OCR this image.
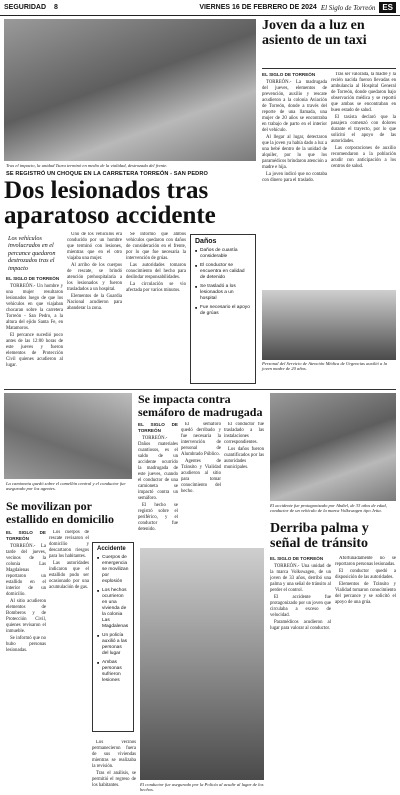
SEGURIDAD 8	VIERNES 16 DE FEBRERO DE 2024 El Siglo de Torreón ES
Tras el impacto, la unidad Tsuru terminó en medio de la vialidad, destrozada del frente.
Joven da a luz en asiento de un taxi
EL SIGLO DE TORREÓN

TORREÓN.- La madrugada del jueves, elementos de prevención, auxilio y rescate acudieron a la colonia Aviación de Torreón, donde a través del reporte de una llamada, una mujer de 20 años se encontraba en trabajo de parto en el interior del vehículo.

Al llegar al lugar, detectaron que la joven ya había dado a luz a una bebé dentro de la unidad de alquiler, por lo que los paramédicos brindaron atención a madre e hija.

La joven indicó que no contaba con dinero para el traslado.

Tras ser valorada, la madre y la recién nacida fueron llevadas en ambulancia al Hospital General de Torreón, donde quedaron bajo observación médica y se reportó que ambas se encontraban en buen estado de salud.

El taxista declaró que la pasajera comenzó con dolores durante el trayecto, por lo que solicitó el apoyo de las autoridades.

Las corporaciones de auxilio recomendaron a la población acudir con anticipación a los centros de salud.

Personal del Servicio de Atención Médica de Urgencias auxilió a la joven madre de 20 años.
SE REGISTRÓ UN CHOQUE EN LA CARRETERA TORREÓN - SAN PEDRO
Dos lesionados tras aparatoso accidente
Los vehículos involucrados en el percance quedaron destrozados tras el impacto
EL SIGLO DE TORREÓN

TORREÓN.- Un hombre y una mujer resultaron lesionados luego de que los vehículos en que viajaban chocaran sobre la carretera Torreón - San Pedro, a la altura del ejido Santa Fe, en Matamoros.

El percance sucedió poco antes de las 12:00 horas de este jueves y fueron elementos de Protección Civil quienes acudieron al lugar.

Uno de los vehículos era conducido por un hombre que terminó con lesiones, mientras que en el otro viajaba una mujer.

Al arribo de los cuerpos de rescate, se brindó atención prehospitalaria a los lesionados y fueron trasladados a un hospital.

Elementos de la Guardia Nacional acudieron para abanderar la zona.

Se informó que ambos vehículos quedaron con daños de consideración en el frente, por lo que fue necesaria la intervención de grúas.

Las autoridades tomaron conocimiento del hecho para deslindar responsabilidades.

La circulación se vio afectada por varios minutos.

Daños
■ Daños de cuantía considerable
■ El conductor se encuentra en calidad de detenido
■ Se trasladó a los lesionados a un hospital
■ Fue necesario el apoyo de grúas
La camioneta quedó sobre el camellón central y el conductor fue asegurado por los agentes.
Se impacta contra semáforo de madrugada
EL SIGLO DE TORREÓN

TORREÓN.- Daños materiales cuantiosos, es el saldo de un accidente ocurrido la madrugada de este jueves, cuando el conductor de una camioneta se impactó contra un semáforo.

El hecho se registró sobre el periférico, y el conductor fue detenido.

El semáforo quedó derribado y fue necesaria la intervención de personal de Alumbrado Público.

Agentes de Tránsito y Vialidad acudieron al sitio para tomar conocimiento del hecho.

El conductor fue trasladado a las instalaciones correspondientes.

Los daños fueron cuantificados por las autoridades municipales.

El accidente fue protagonizado por Abdiel, de 33 años de edad, conductor de un vehículo de la marca Volkswagen tipo Jetta.
Se movilizan por estallido en domicilio
EL SIGLO DE TORREÓN

TORREÓN.- La tarde del jueves, vecinos de la colonia Las Magdalenas reportaron un estallido en el interior de un domicilio.

Al sitio acudieron elementos de Bomberos y de Protección Civil, quienes revisaron el inmueble.

Se informó que no hubo personas lesionadas.

Los cuerpos de rescate revisaron el domicilio y descartaron riesgos para los habitantes.

Las autoridades indicaron que el estallido pudo ser ocasionado por una acumulación de gas.

Accidente
■ Cuerpos de emergencia se movilizan por explosión
■ Los hechos ocurrieron en una vivienda de la colonia Las Magdalenas
■ Un policía auxilió a las personas del lugar
■ Ambas personas sufrieron lesiones

Los vecinos permanecieron fuera de sus viviendas mientras se realizaba la revisión.

Tras el análisis, se permitió el regreso de los habitantes.	El conductor fue asegurado por la Policía al acudir al lugar de los hechos.
Derriba palma y señal de tránsito
EL SIGLO DE TORREÓN

TORREÓN.- Una unidad de la marca Volkswagen, de un joven de 33 años, derribó una palma y una señal de tránsito al perder el control.

El accidente fue protagonizado por un joven que circulaba a exceso de velocidad.

Paramédicos acudieron al lugar para valorar al conductor.

Afortunadamente no se reportaron personas lesionadas.

El conductor quedó a disposición de las autoridades.

Elementos de Tránsito y Vialidad tomaron conocimiento del percance y se solicitó el apoyo de una grúa.
